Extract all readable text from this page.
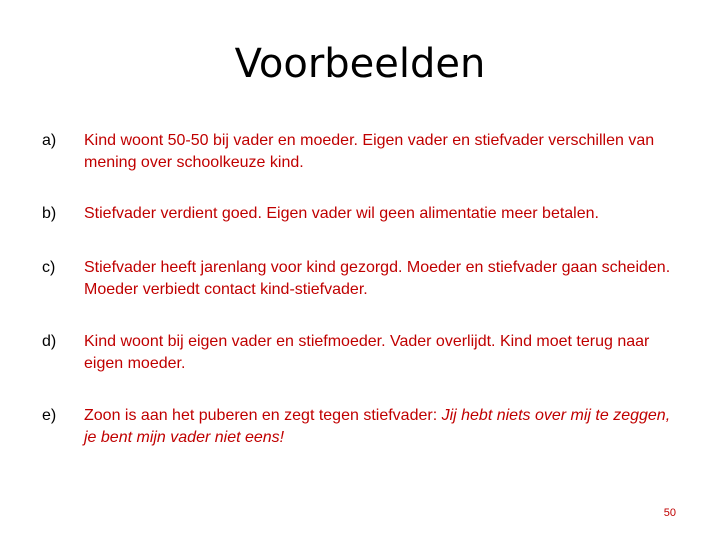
Voorbeelden
a) Kind woont 50-50 bij vader en moeder. Eigen vader en stiefvader verschillen van mening over schoolkeuze kind.
b) Stiefvader verdient goed. Eigen vader wil geen alimentatie meer betalen.
c) Stiefvader heeft jarenlang voor kind gezorgd. Moeder en stiefvader gaan scheiden. Moeder verbiedt contact kind-stiefvader.
d) Kind woont bij eigen vader en stiefmoeder. Vader overlijdt. Kind moet terug naar eigen moeder.
e) Zoon is aan het puberen en zegt tegen stiefvader: Jij hebt niets over mij te zeggen, je bent mijn vader niet eens!
50
